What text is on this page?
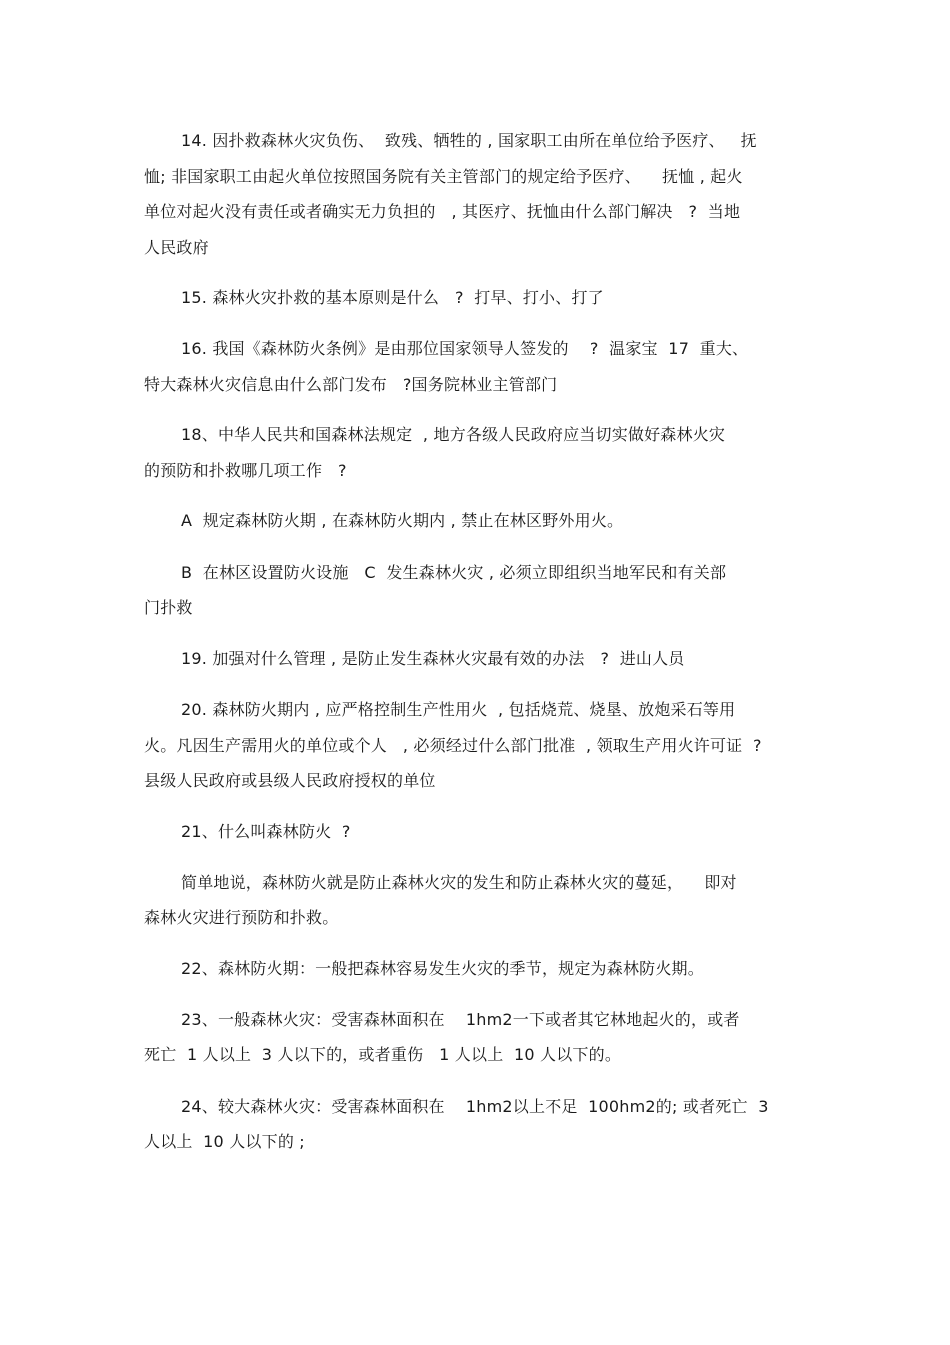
14. 因扑救森林火灾负伤、  致残、牺牲的 , 国家职工由所在单位给予医疗、   抚
恤; 非国家职工由起火单位按照国务院有关主管部门的规定给予医疗、    抚恤 , 起火
单位对起火没有责任或者确实无力负担的   , 其医疗、抚恤由什么部门解决   ?  当地
人民政府
15. 森林火灾扑救的基本原则是什么   ?  打早、打小、打了
16. 我国《森林防火条例》是由那位国家领导人签发的    ?  温家宝  17  重大、
特大森林火灾信息由什么部门发布   ?国务院林业主管部门
18、中华人民共和国森林法规定  , 地方各级人民政府应当切实做好森林火灾
的预防和扑救哪几项工作   ?
A  规定森林防火期 , 在森林防火期内 , 禁止在林区野外用火。
B  在林区设置防火设施   C  发生森林火灾 , 必须立即组织当地军民和有关部
门扑救
19. 加强对什么管理 , 是防止发生森林火灾最有效的办法   ?  进山人员
20. 森林防火期内 , 应严格控制生产性用火  , 包括烧荒、烧垦、放炮采石等用
火。凡因生产需用火的单位或个人   , 必须经过什么部门批准  , 领取生产用火许可证  ?
县级人民政府或县级人民政府授权的单位
21、什么叫森林防火  ?
简单地说，森林防火就是防止森林火灾的发生和防止森林火灾的蔓延，    即对
森林火灾进行预防和扑救。
22、森林防火期：一般把森林容易发生火灾的季节，规定为森林防火期。
23、一般森林火灾：受害森林面积在    1hm2一下或者其它林地起火的，或者
死亡  1 人以上  3 人以下的，或者重伤   1 人以上  10 人以下的。
24、较大森林火灾：受害森林面积在    1hm2以上不足  100hm2的; 或者死亡  3
人以上  10 人以下的 ;
